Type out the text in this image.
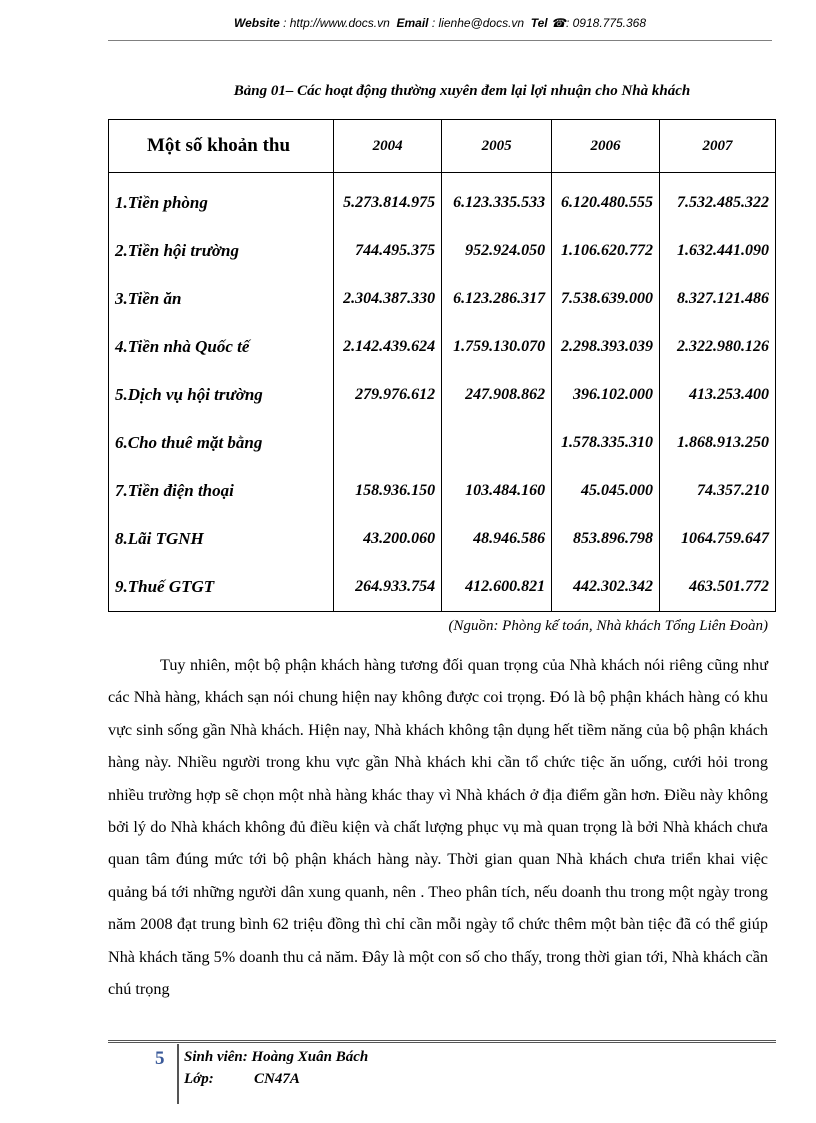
Website : http://www.docs.vn Email : lienhe@docs.vn Tel ☎: 0918.775.368
Bảng 01– Các hoạt động thường xuyên đem lại lợi nhuận cho Nhà khách
Một số khoản thu	2004	2005	2006	2007
1.Tiền phòng	5.273.814.975	6.123.335.533	6.120.480.555	7.532.485.322
2.Tiền hội trường	744.495.375	952.924.050	1.106.620.772	1.632.441.090
3.Tiền ăn	2.304.387.330	6.123.286.317	7.538.639.000	8.327.121.486
4.Tiền nhà Quốc tế	2.142.439.624	1.759.130.070	2.298.393.039	2.322.980.126
5.Dịch vụ hội trường	279.976.612	247.908.862	396.102.000	413.253.400
6.Cho thuê mặt bằng			1.578.335.310	1.868.913.250
7.Tiền điện thoại	158.936.150	103.484.160	45.045.000	74.357.210
8.Lãi TGNH	43.200.060	48.946.586	853.896.798	1064.759.647
9.Thuế GTGT	264.933.754	412.600.821	442.302.342	463.501.772
(Nguồn: Phòng kế toán, Nhà khách Tổng Liên Đoàn)

Tuy nhiên, một bộ phận khách hàng tương đối quan trọng của Nhà khách nói riêng cũng như các Nhà hàng, khách sạn nói chung hiện nay không được coi trọng. Đó là bộ phận khách hàng có khu vực sinh sống gần Nhà khách. Hiện nay, Nhà khách không tận dụng hết tiềm năng của bộ phận khách hàng này. Nhiều người trong khu vực gần Nhà khách khi cần tổ chức tiệc ăn uống, cưới hỏi trong nhiều trường hợp sẽ chọn một nhà hàng khác thay vì Nhà khách ở địa điểm gần hơn. Điều này không bởi lý do Nhà khách không đủ điều kiện và chất lượng phục vụ mà quan trọng là bởi Nhà khách chưa quan tâm đúng mức tới bộ phận khách hàng này. Thời gian quan Nhà khách chưa triển khai việc quảng bá tới những người dân xung quanh, nên . Theo phân tích, nếu doanh thu trong một ngày trong năm 2008 đạt trung bình 62 triệu đồng thì chỉ cần mỗi ngày tổ chức thêm một bàn tiệc đã có thể giúp Nhà khách tăng 5% doanh thu cả năm. Đây là một con số cho thấy, trong thời gian tới, Nhà khách cần chú trọng

5 Sinh viên: Hoàng Xuân Bách
Lớp:	CN47A
